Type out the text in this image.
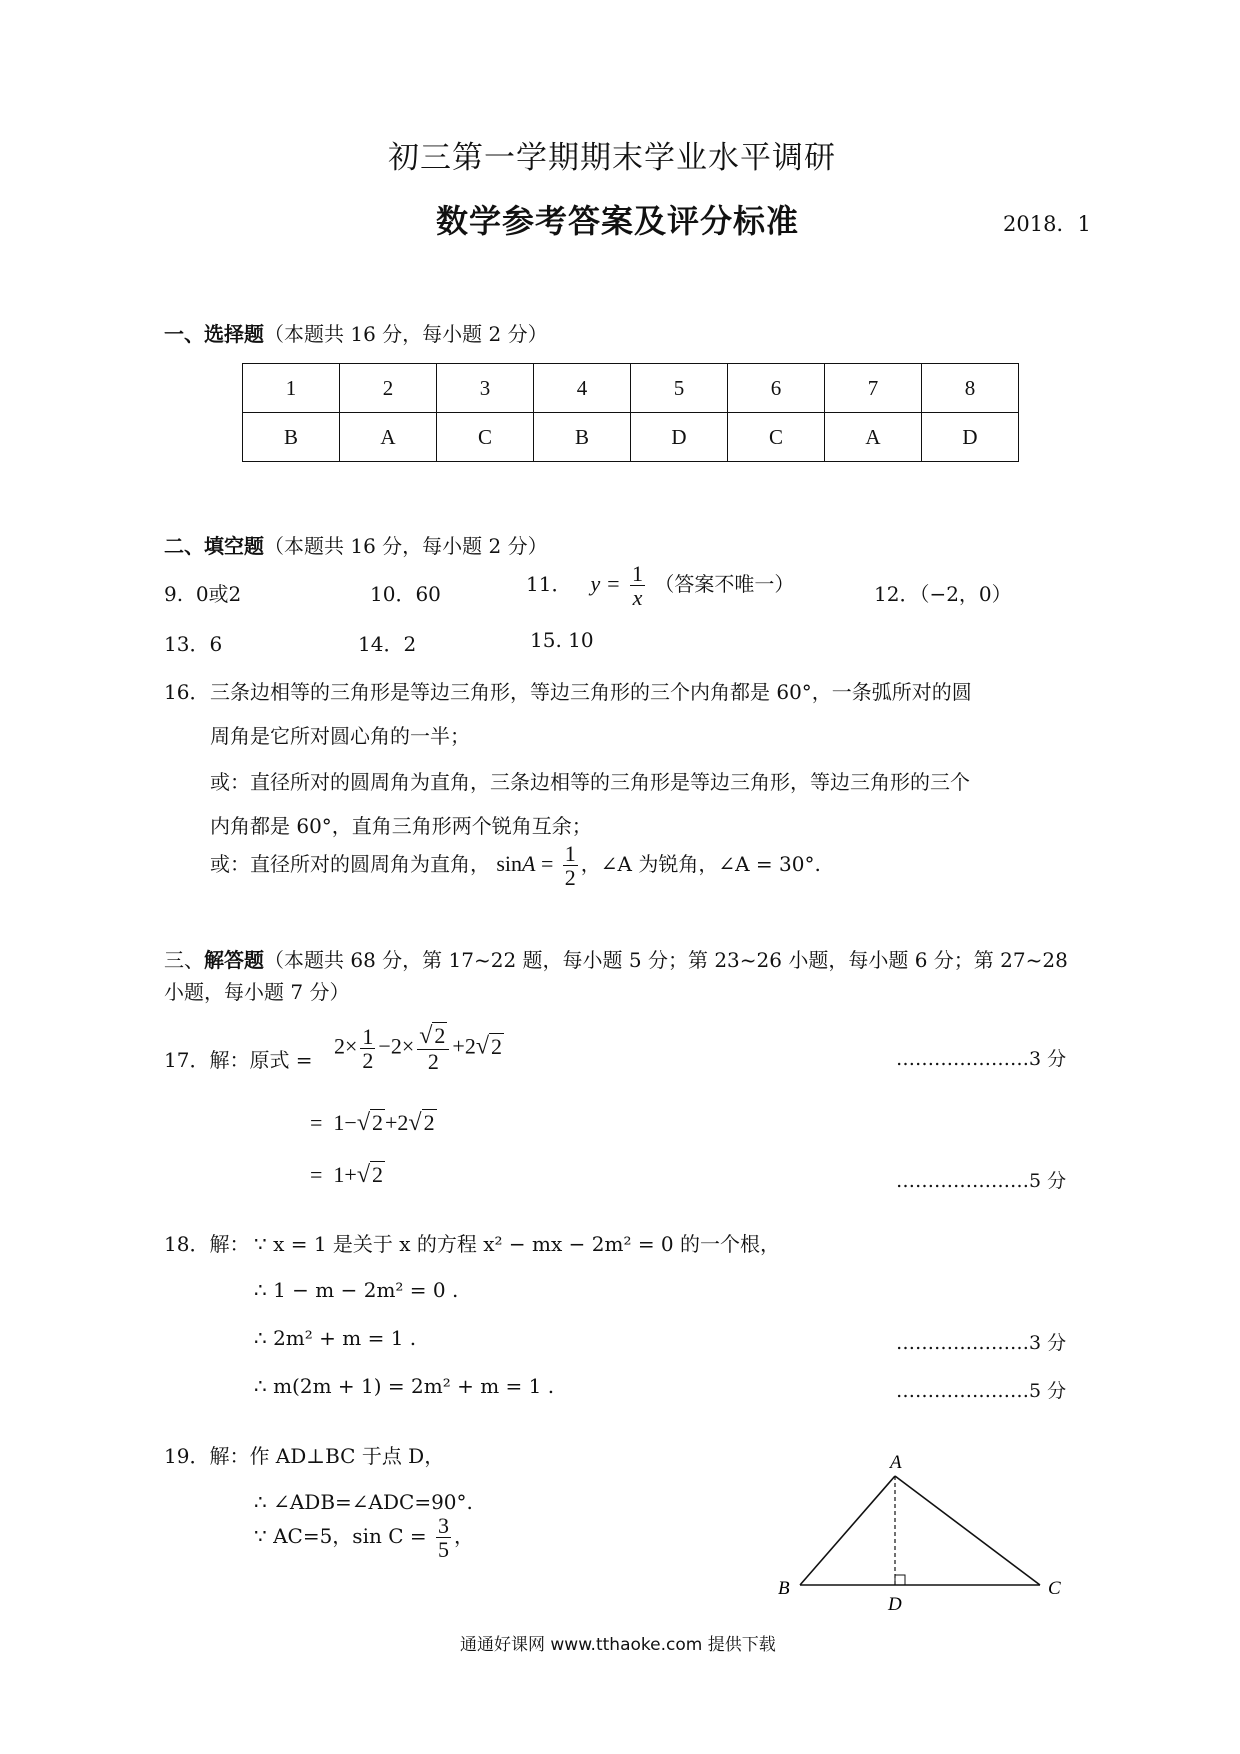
初三第一学期期末学业水平调研
数学参考答案及评分标准	2018．1
一、选择题（本题共 16 分，每小题 2 分）
1	2	3	4	5	6	7	8
B	A	C	B	D	C	A	D
二、填空题（本题共 16 分，每小题 2 分）
9. 0或2	10．60	11． $y = \frac{1}{x}$ （答案不唯一）	12．（−2，0）
13．6	14．2	15. 10
16． 三条边相等的三角形是等边三角形，等边三角形的三个内角都是 60°，一条弧所对的圆
周角是它所对圆心角的一半；
或：直径所对的圆周角为直角，三条边相等的三角形是等边三角形，等边三角形的三个
内角都是 60°，直角三角形两个锐角互余；
或：直径所对的圆周角为直角， $\sin A = \frac{1}{2}$ ，∠A 为锐角，∠A = 30°.
三、解答题（本题共 68 分，第 17~22 题，每小题 5 分；第 23~26 小题，每小题 6 分；第 27~28
小题，每小题 7 分）
17．解：原式 =
$2\times \frac{1}{2} -2\times \frac{√2}{2} +2√2$
…………………3 分
=  1−√2+2√2
=  1+√2	…………………5 分
18．解： ∵ x = 1 是关于 x 的方程 x² − mx − 2m² = 0 的一个根，
∴ 1 − m − 2m² = 0 .
∴ 2m² + m = 1 .	…………………3 分
∴ m(2m + 1) = 2m² + m = 1 .	…………………5 分
19．解：作 AD⊥BC 于点 D，
∴ ∠ADB=∠ADC=90°.
∵ AC=5，$\sin C = \frac{3}{5}$ ，
A
B	C
D
通通好课网 www.tthaoke.com 提供下载
